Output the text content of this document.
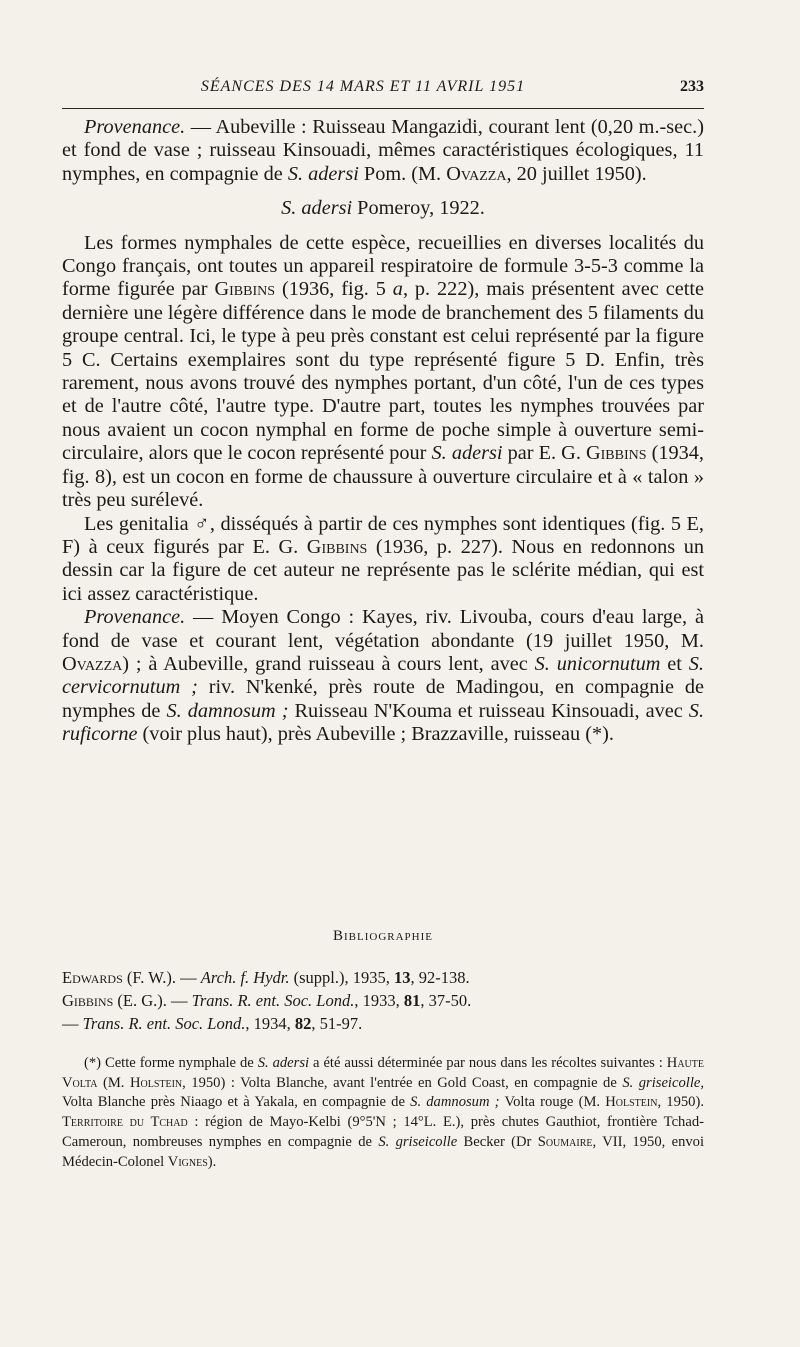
SÉANCES DES 14 MARS ET 11 AVRIL 1951	233

Provenance. — Aubeville : Ruisseau Mangazidi, courant lent (0,20 m.-sec.) et fond de vase ; ruisseau Kinsouadi, mêmes caractéristiques écologiques, 11 nymphes, en compagnie de S. adersi Pom. (M. Ovazza, 20 juillet 1950).

S. adersi Pomeroy, 1922.

Les formes nymphales de cette espèce, recueillies en diverses localités du Congo français, ont toutes un appareil respiratoire de formule 3-5-3 comme la forme figurée par Gibbins (1936, fig. 5 a, p. 222), mais présentent avec cette dernière une légère différence dans le mode de branchement des 5 filaments du groupe central. Ici, le type à peu près constant est celui représenté par la figure 5 C. Certains exemplaires sont du type représenté figure 5 D. Enfin, très rarement, nous avons trouvé des nymphes portant, d'un côté, l'un de ces types et de l'autre côté, l'autre type. D'autre part, toutes les nymphes trouvées par nous avaient un cocon nymphal en forme de poche simple à ouverture semi-circulaire, alors que le cocon représenté pour S. adersi par E. G. Gibbins (1934, fig. 8), est un cocon en forme de chaussure à ouverture circulaire et à « talon » très peu surélevé.

Les genitalia ♂, disséqués à partir de ces nymphes sont identiques (fig. 5 E, F) à ceux figurés par E. G. Gibbins (1936, p. 227). Nous en redonnons un dessin car la figure de cet auteur ne représente pas le sclérite médian, qui est ici assez caractéristique.

Provenance. — Moyen Congo : Kayes, riv. Livouba, cours d'eau large, à fond de vase et courant lent, végétation abondante (19 juillet 1950, M. Ovazza) ; à Aubeville, grand ruisseau à cours lent, avec S. unicornutum et S. cervicornutum ; riv. N'kenké, près route de Madingou, en compagnie de nymphes de S. damnosum ; Ruisseau N'Kouma et ruisseau Kinsouadi, avec S. ruficorne (voir plus haut), près Aubeville ; Brazzaville, ruisseau (*).

Bibliographie
Edwards (F. W.). — Arch. f. Hydr. (suppl.), 1935, 13, 92-138.
Gibbins (E. G.). — Trans. R. ent. Soc. Lond., 1933, 81, 37-50.
— Trans. R. ent. Soc. Lond., 1934, 82, 51-97.

(*) Cette forme nymphale de S. adersi a été aussi déterminée par nous dans les récoltes suivantes : Haute Volta (M. Holstein, 1950) : Volta Blanche, avant l'entrée en Gold Coast, en compagnie de S. griseicolle, Volta Blanche près Niaago et à Yakala, en compagnie de S. damnosum ; Volta rouge (M. Holstein, 1950). Territoire du Tchad : région de Mayo-Kelbi (9°5'N ; 14°L. E.), près chutes Gauthiot, frontière Tchad-Cameroun, nombreuses nymphes en compagnie de S. griseicolle Becker (Dr Soumaire, VII, 1950, envoi Médecin-Colonel Vignes).
